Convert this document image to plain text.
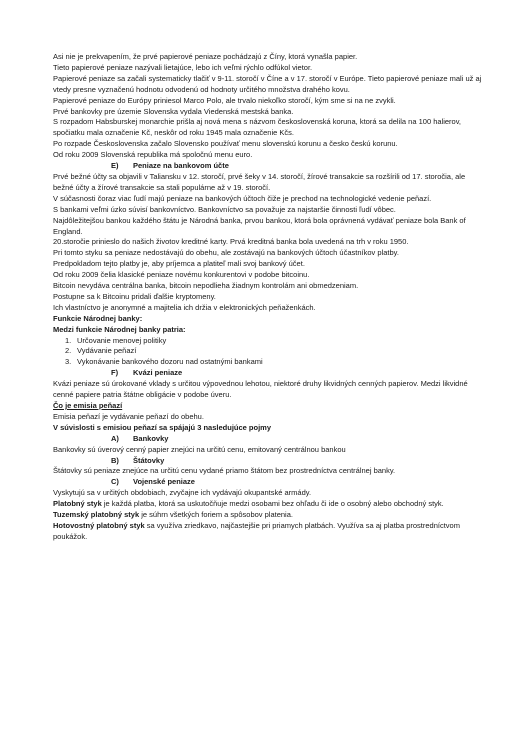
Asi nie je prekvapením, že prvé papierové peniaze pochádzajú z Číny, ktorá vynašla papier.

Tieto papierové peniaze nazývali lietajúce, lebo ich veľmi rýchlo odfúkol vietor.

Papierové peniaze sa začali systematicky tlačiť v 9-11. storočí v Číne a v 17. storočí v Európe. Tieto papierové peniaze mali už aj vtedy presne vyznačenú hodnotu odvodenú od hodnoty určitého množstva drahého kovu.

Papierové peniaze do Európy priniesol Marco Polo, ale trvalo niekoľko storočí, kým sme si na ne zvykli.

Prvé bankovky pre územie Slovenska vydala Viedenská mestská banka.

S rozpadom Habsburskej monarchie prišla aj nová mena s názvom československá koruna, ktorá sa delila na 100 halierov, spočiatku mala označenie Kč, neskôr od roku 1945 mala označenie Kčs.

Po rozpade Československa začalo Slovensko používať menu slovenskú korunu a česko českú korunu.

Od roku 2009 Slovenská republika má spoločnú menu euro.

E) Peniaze na bankovom účte

Prvé bežné účty sa objavili v Taliansku v 12. storočí, prvé šeky v 14. storočí, žírové transakcie sa rozšírili od 17. storočia, ale bežné účty a žírové transakcie sa stali populárne až v 19. storočí.

V súčasnosti čoraz viac ľudí majú peniaze na bankových účtoch čiže je prechod na technologické vedenie peňazí.

S bankami veľmi úzko súvisí bankovníctvo. Bankovníctvo sa považuje za najstaršie činnosti ľudí vôbec.

Najdôležitejšou bankou každého štátu je Národná banka, prvou bankou, ktorá bola oprávnená vydávať peniaze bola Bank of England.

20.storočie prinieslo do našich životov kreditné karty. Prvá kreditná banka bola uvedená na trh v roku 1950.

Pri tomto styku sa peniaze nedostávajú do obehu, ale zostávajú na bankových účtoch účastníkov platby.

Predpokladom tejto platby je, aby príjemca a platiteľ mali svoj bankový účet.

Od roku 2009 čelia klasické peniaze novému konkurentovi v podobe bitcoinu.

Bitcoin nevydáva centrálna banka, bitcoin nepodlieha žiadnym kontrolám ani obmedzeniam.

Postupne sa k Bitcoinu pridali ďalšie kryptomeny.

Ich vlastníctvo je anonymné a majitelia ich držia v elektronických peňaženkách.

Funkcie Národnej banky:

Medzi funkcie Národnej banky patria:

1. Určovanie menovej politiky
2. Vydávanie peňazí
3. Vykonávanie bankového dozoru nad ostatnými bankami
F) Kvázi peniaze

Kvázi peniaze sú úrokované vklady s určitou výpovednou lehotou, niektoré druhy likvidných cenných papierov. Medzi likvidné cenné papiere patria štátne obligácie v podobe úveru.

Čo je emisia peňazí

Emisia peňazí je vydávanie peňazí do obehu.

V súvislosti s emisiou peňazí sa spájajú 3 nasledujúce pojmy

A) Bankovky

Bankovky sú úverový cenný papier znejúci na určitú cenu, emitovaný centrálnou bankou

B) Štátovky

Štátovky sú peniaze znejúce na určitú cenu vydané priamo štátom bez prostredníctva centrálnej banky.

C) Vojenské peniaze

Vyskytujú sa v určitých obdobiach, zvyčajne ich vydávajú okupantské armády.

Platobný styk je každá platba, ktorá sa uskutočňuje medzi osobami bez ohľadu či ide o osobný alebo obchodný styk.

Tuzemský platobný styk je súhrn všetkých foriem a spôsobov platenia.

Hotovostný platobný styk sa využíva zriedkavo, najčastejšie pri priamych platbách. Využíva sa aj platba prostredníctvom poukážok.
